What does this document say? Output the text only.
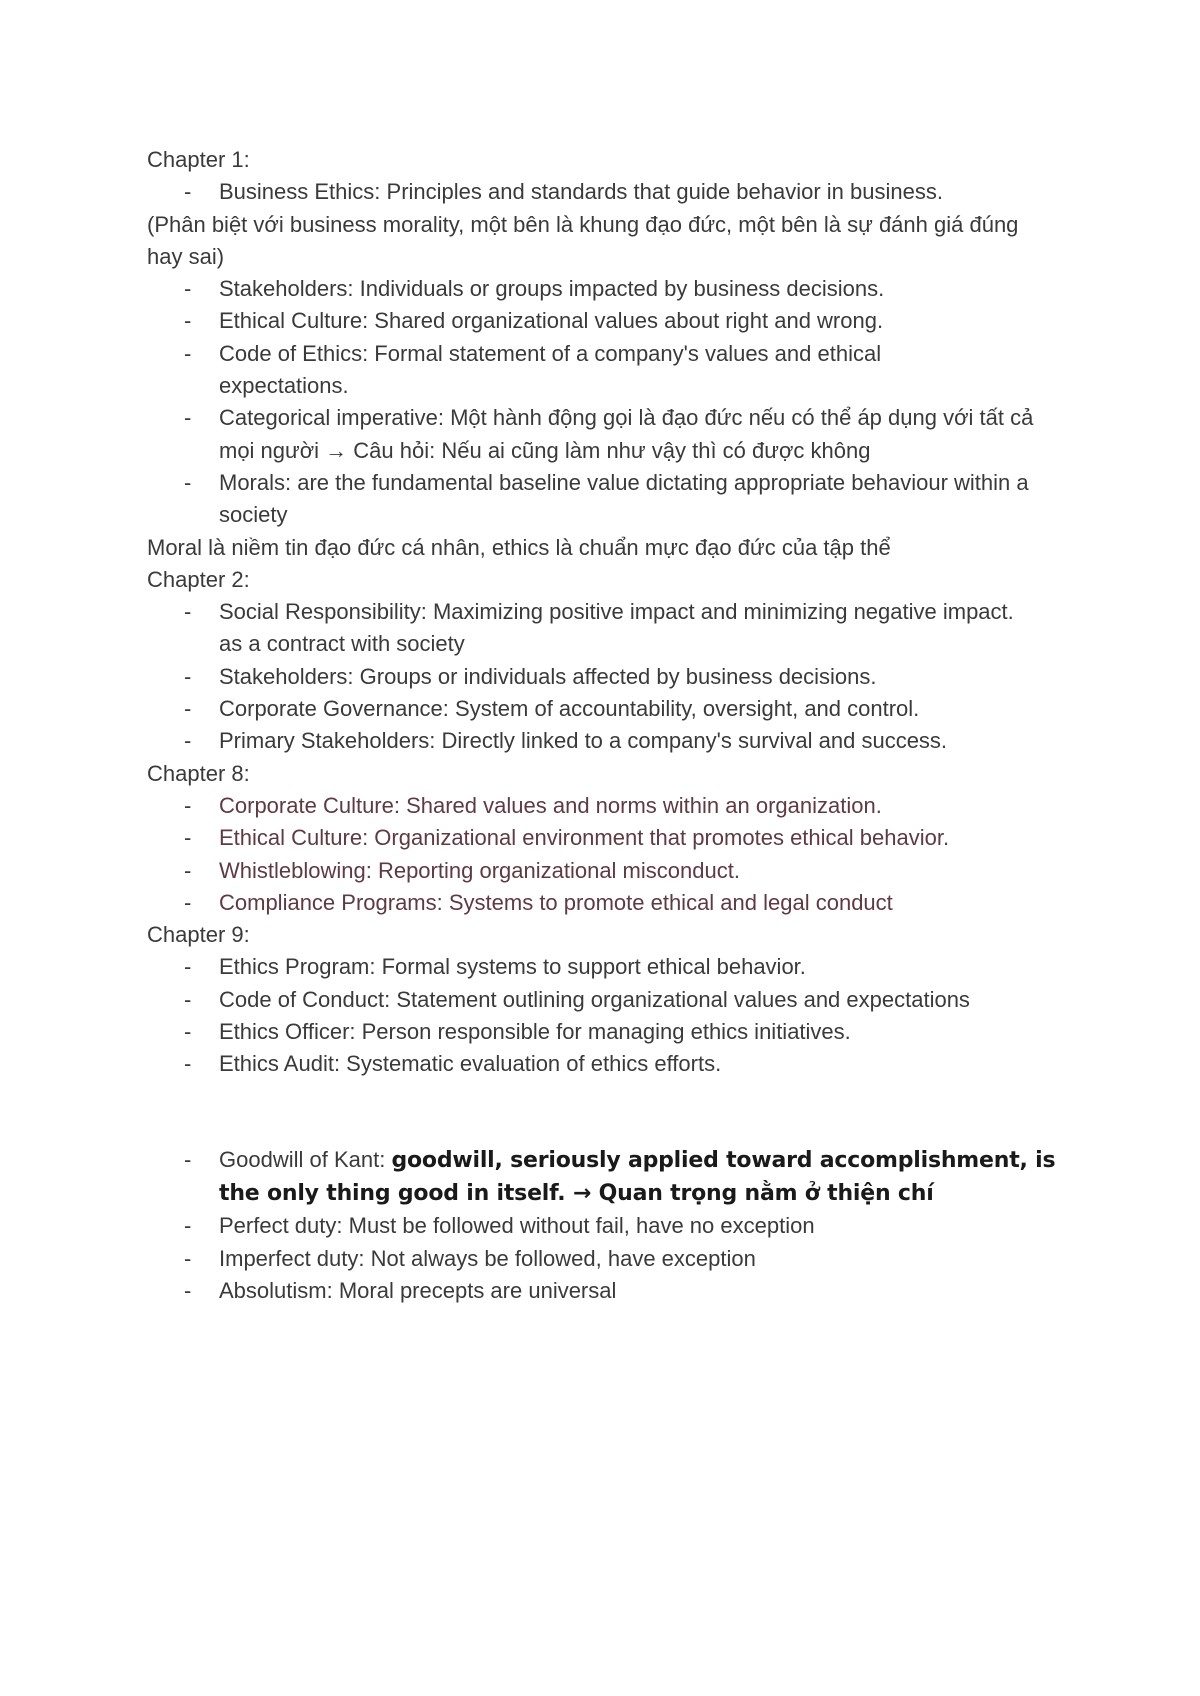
Chapter 1:
- Business Ethics: Principles and standards that guide behavior in business.
(Phân biệt với business morality, một bên là khung đạo đức, một bên là sự đánh giá đúng hay sai)
- Stakeholders: Individuals or groups impacted by business decisions.
- Ethical Culture: Shared organizational values about right and wrong.
- Code of Ethics: Formal statement of a company's values and ethical expectations.
- Categorical imperative: Một hành động gọi là đạo đức nếu có thể áp dụng với tất cả mọi người → Câu hỏi: Nếu ai cũng làm như vậy thì có được không
- Morals: are the fundamental baseline value dictating appropriate behaviour within a society
Moral là niềm tin đạo đức cá nhân, ethics là chuẩn mực đạo đức của tập thể
Chapter 2:
- Social Responsibility: Maximizing positive impact and minimizing negative impact. as a contract with society
- Stakeholders: Groups or individuals affected by business decisions.
- Corporate Governance: System of accountability, oversight, and control.
- Primary Stakeholders: Directly linked to a company's survival and success.
Chapter 8:
- Corporate Culture: Shared values and norms within an organization.
- Ethical Culture: Organizational environment that promotes ethical behavior.
- Whistleblowing: Reporting organizational misconduct.
- Compliance Programs: Systems to promote ethical and legal conduct
Chapter 9:
- Ethics Program: Formal systems to support ethical behavior.
- Code of Conduct: Statement outlining organizational values and expectations
- Ethics Officer: Person responsible for managing ethics initiatives.
- Ethics Audit: Systematic evaluation of ethics efforts.
- Goodwill of Kant: goodwill, seriously applied toward accomplishment, is the only thing good in itself. → Quan trọng nằm ở thiện chí
- Perfect duty: Must be followed without fail, have no exception
- Imperfect duty: Not always be followed, have exception
- Absolutism: Moral precepts are universal
